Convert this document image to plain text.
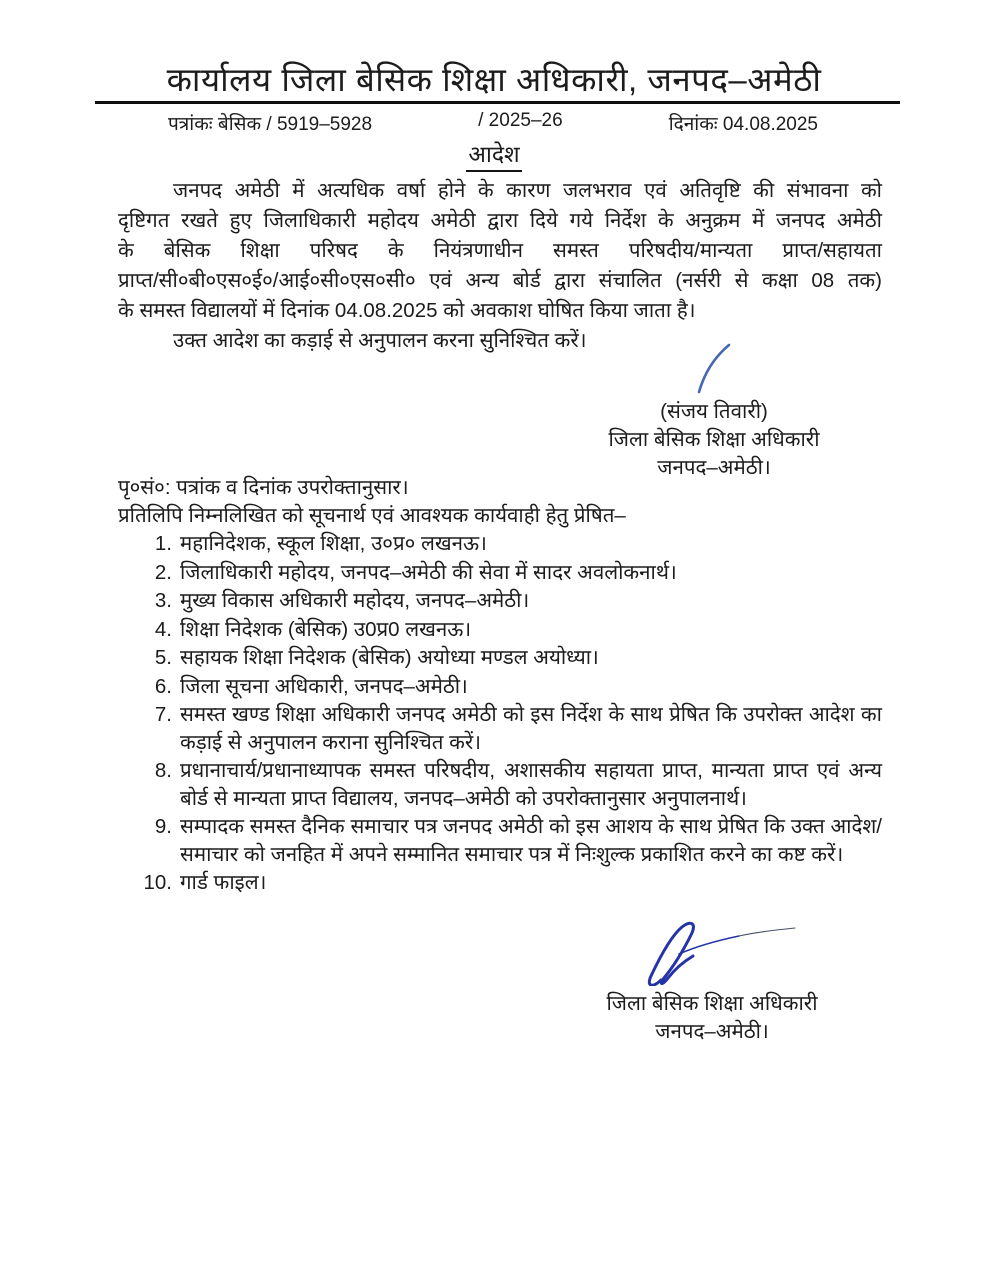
कार्यालय जिला बेसिक शिक्षा अधिकारी, जनपद–अमेठी
पत्रांकः बेसिक / 5919–5928	/ 2025–26	दिनांकः 04.08.2025
आदेश
जनपद अमेठी में अत्यधिक वर्षा होने के कारण जलभराव एवं अतिवृष्टि की संभावना को
दृष्टिगत रखते हुए जिलाधिकारी महोदय अमेठी द्वारा दिये गये निर्देश के अनुक्रम में जनपद अमेठी
के बेसिक शिक्षा परिषद के नियंत्रणाधीन समस्त परिषदीय/मान्यता प्राप्त/सहायता
प्राप्त/सी०बी०एस०ई०/आई०सी०एस०सी० एवं अन्य बोर्ड द्वारा संचालित (नर्सरी से कक्षा 08 तक)
के समस्त विद्यालयों में दिनांक 04.08.2025 को अवकाश घोषित किया जाता है।
उक्त आदेश का कड़ाई से अनुपालन करना सुनिश्चित करें।
(संजय तिवारी)
जिला बेसिक शिक्षा अधिकारी
जनपद–अमेठी।
पृ०सं०: पत्रांक व दिनांक उपरोक्तानुसार।
प्रतिलिपि निम्नलिखित को सूचनार्थ एवं आवश्यक कार्यवाही हेतु प्रेषित–
1. महानिदेशक, स्कूल शिक्षा, उ०प्र० लखनऊ।
2. जिलाधिकारी महोदय, जनपद–अमेठी की सेवा में सादर अवलोकनार्थ।
3. मुख्य विकास अधिकारी महोदय, जनपद–अमेठी।
4. शिक्षा निदेशक (बेसिक) उ0प्र0 लखनऊ।
5. सहायक शिक्षा निदेशक (बेसिक) अयोध्या मण्डल अयोध्या।
6. जिला सूचना अधिकारी, जनपद–अमेठी।
7. समस्त खण्ड शिक्षा अधिकारी जनपद अमेठी को इस निर्देश के साथ प्रेषित कि उपरोक्त आदेश का कड़ाई से अनुपालन कराना सुनिश्चित करें।
8. प्रधानाचार्य/प्रधानाध्यापक समस्त परिषदीय, अशासकीय सहायता प्राप्त, मान्यता प्राप्त एवं अन्य बोर्ड से मान्यता प्राप्त विद्यालय, जनपद–अमेठी को उपरोक्तानुसार अनुपालनार्थ।
9. सम्पादक समस्त दैनिक समाचार पत्र जनपद अमेठी को इस आशय के साथ प्रेषित कि उक्त आदेश/समाचार को जनहित में अपने सम्मानित समाचार पत्र में निःशुल्क प्रकाशित करने का कष्ट करें।
10. गार्ड फाइल।
जिला बेसिक शिक्षा अधिकारी
जनपद–अमेठी।
